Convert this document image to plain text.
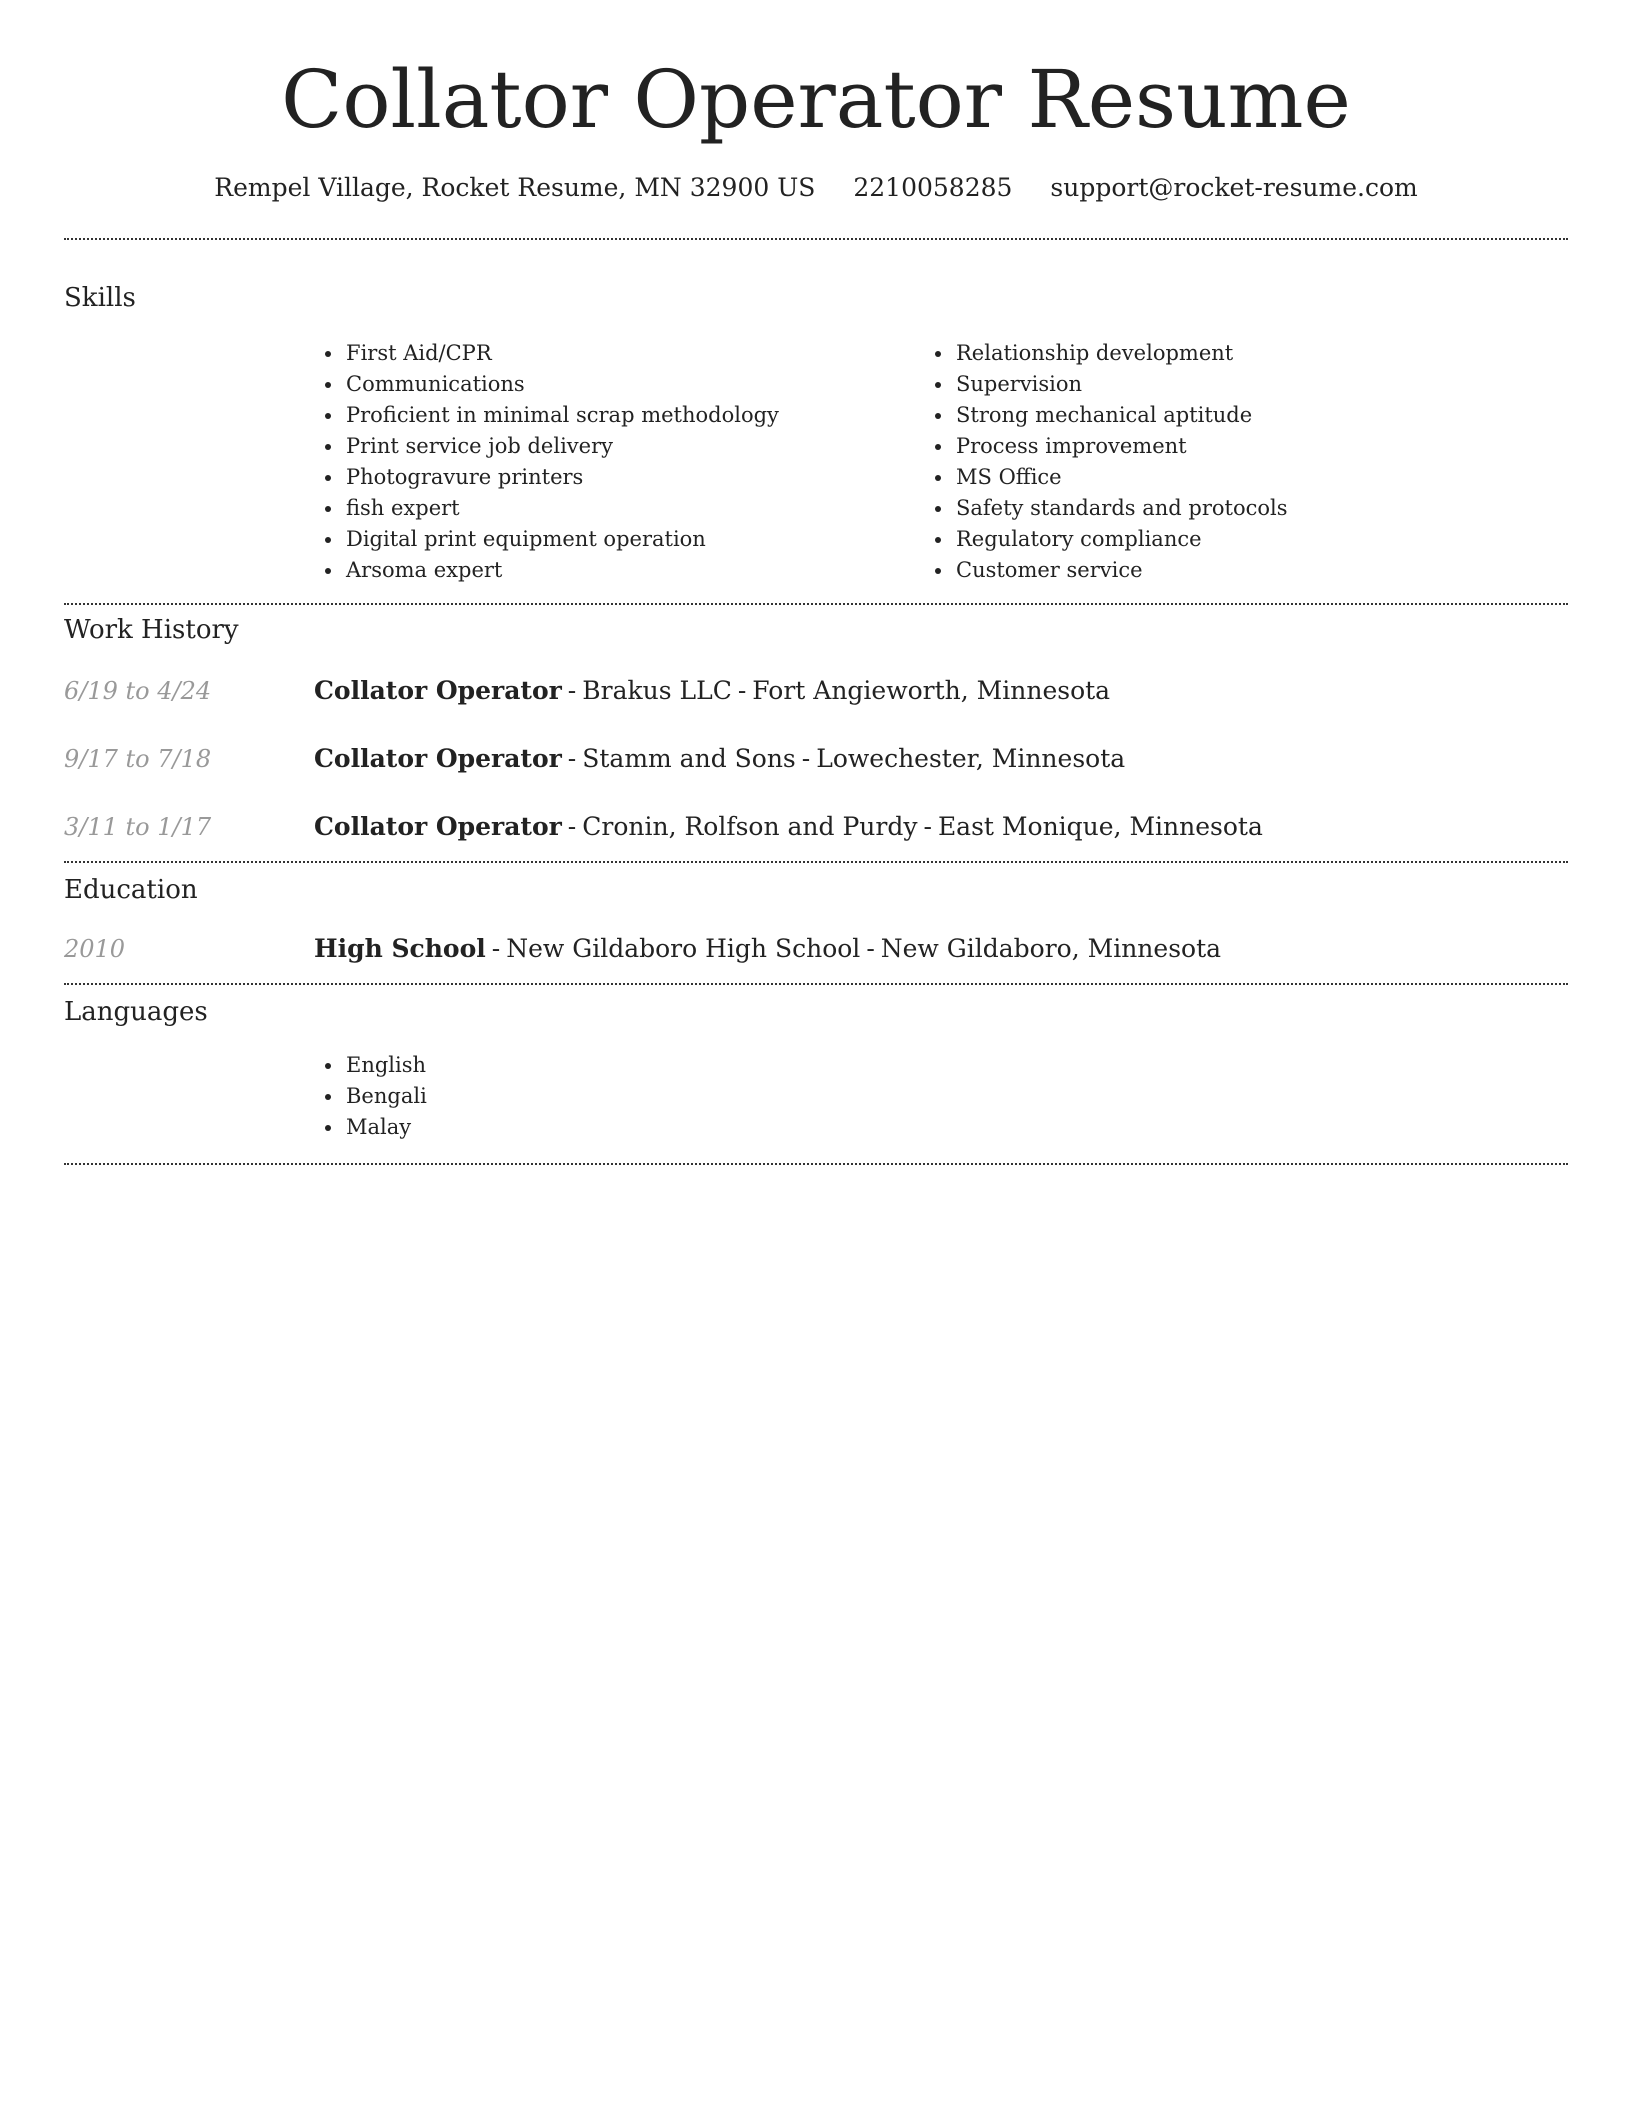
Collator Operator Resume
Rempel Village, Rocket Resume, MN 32900 US 2210058285 support@rocket-resume.com
Skills
• First Aid/CPR
• Communications
• Proficient in minimal scrap methodology
• Print service job delivery
• Photogravure printers
• fish expert
• Digital print equipment operation
• Arsoma expert
• Relationship development
• Supervision
• Strong mechanical aptitude
• Process improvement
• MS Office
• Safety standards and protocols
• Regulatory compliance
• Customer service
Work History
6/19 to 4/24	Collator Operator - Brakus LLC - Fort Angieworth, Minnesota
9/17 to 7/18	Collator Operator - Stamm and Sons - Lowechester, Minnesota
3/11 to 1/17	Collator Operator - Cronin, Rolfson and Purdy - East Monique, Minnesota
Education
2010	High School - New Gildaboro High School - New Gildaboro, Minnesota
Languages
• English
• Bengali
• Malay
